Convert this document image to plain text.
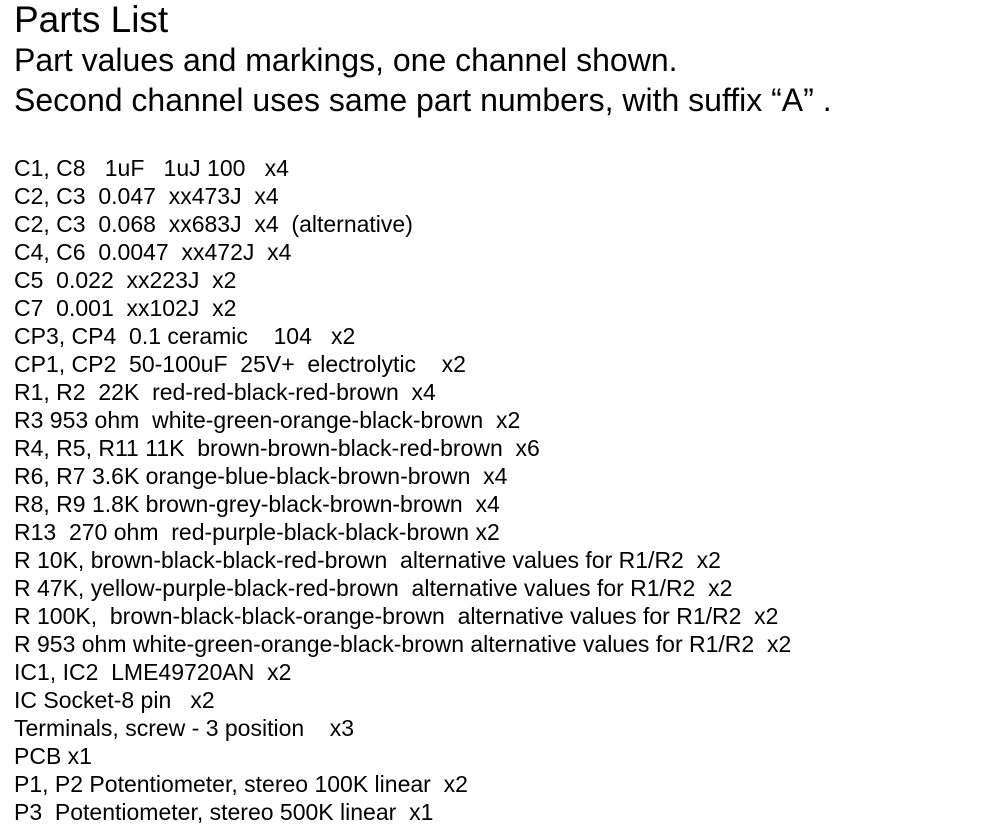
Parts List

Part values and markings, one channel shown.

Second channel uses same part numbers, with suffix “A” .

C1, C8   1uF   1uJ 100   x4
C2, C3  0.047  xx473J  x4
C2, C3  0.068  xx683J  x4  (alternative)
C4, C6  0.0047  xx472J  x4
C5  0.022  xx223J  x2
C7  0.001  xx102J  x2
CP3, CP4  0.1 ceramic    104   x2
CP1, CP2  50-100uF  25V+  electrolytic    x2
R1, R2  22K  red-red-black-red-brown  x4
R3 953 ohm  white-green-orange-black-brown  x2
R4, R5, R11 11K  brown-brown-black-red-brown  x6
R6, R7 3.6K orange-blue-black-brown-brown  x4
R8, R9 1.8K brown-grey-black-brown-brown  x4
R13  270 ohm  red-purple-black-black-brown x2
R 10K, brown-black-black-red-brown  alternative values for R1/R2  x2
R 47K, yellow-purple-black-red-brown  alternative values for R1/R2  x2
R 100K,  brown-black-black-orange-brown  alternative values for R1/R2  x2
R 953 ohm white-green-orange-black-brown alternative values for R1/R2  x2
IC1, IC2  LME49720AN  x2
IC Socket-8 pin   x2
Terminals, screw - 3 position    x3
PCB x1
P1, P2 Potentiometer, stereo 100K linear  x2
P3  Potentiometer, stereo 500K linear  x1
